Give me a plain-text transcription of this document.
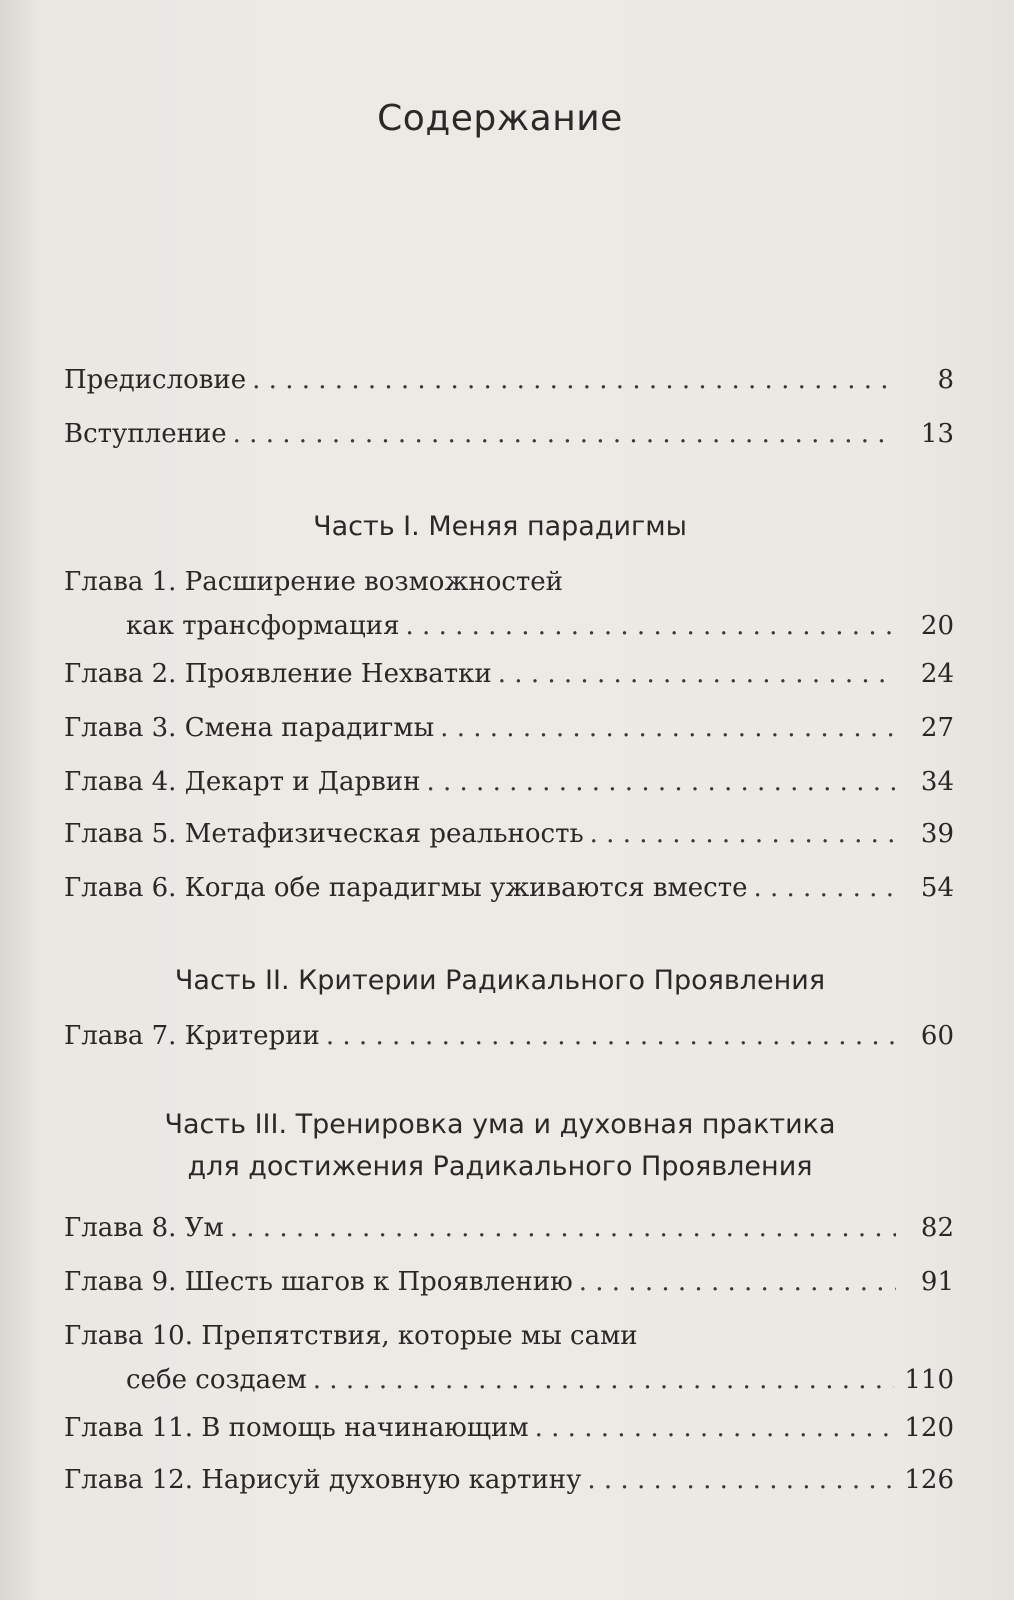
Содержание
Предисловие . . .	8
Вступление . . .	13
Часть I. Меняя парадигмы
Глава 1. Расширение возможностей
как трансформация . . .	20
Глава 2. Проявление Нехватки . . .	24
Глава 3. Смена парадигмы . . .	27
Глава 4. Декарт и Дарвин . . .	34
Глава 5. Метафизическая реальность . . .	39
Глава 6. Когда обе парадигмы уживаются вместе . . .	54
Часть II. Критерии Радикального Проявления
Глава 7. Критерии . . .	60
Часть III. Тренировка ума и духовная практика
для достижения Радикального Проявления
Глава 8. Ум . . .	82
Глава 9. Шесть шагов к Проявлению . . .	91
Глава 10. Препятствия, которые мы сами
себе создаем . . .	110
Глава 11. В помощь начинающим . . .	120
Глава 12. Нарисуй духовную картину . . .	126
